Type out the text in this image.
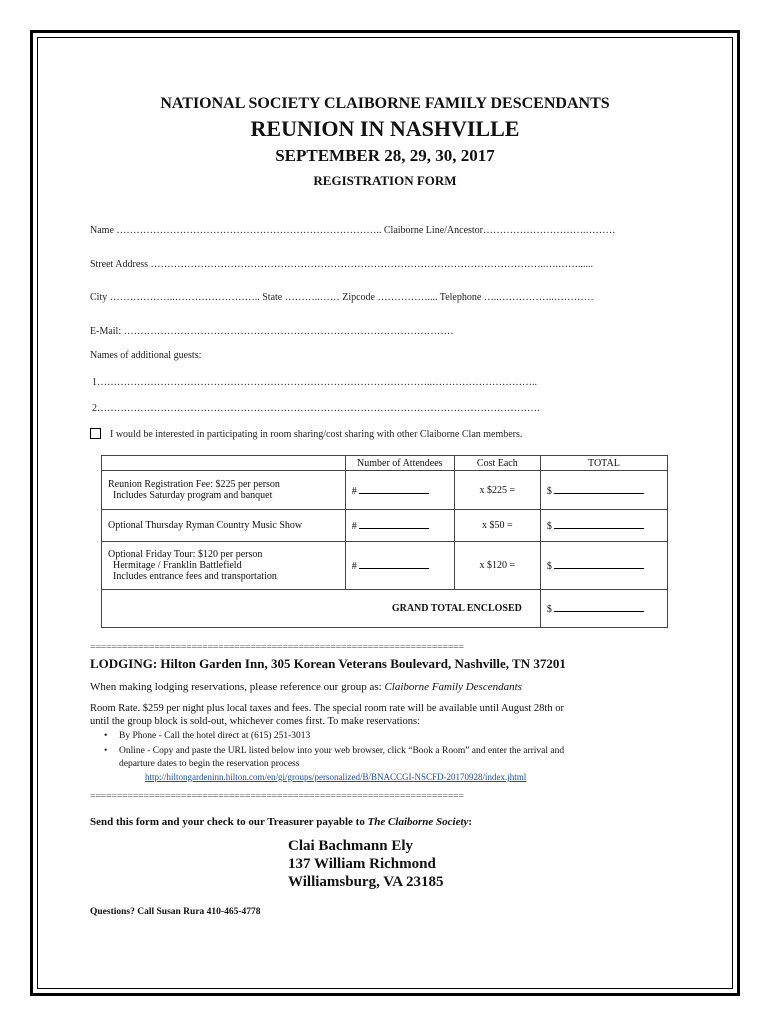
NATIONAL SOCIETY CLAIBORNE FAMILY DESCENDANTS
REUNION IN NASHVILLE
SEPTEMBER 28, 29, 30, 2017
REGISTRATION FORM
Name …………………………………………………………………….. Claiborne Line/Ancestor………………………….………
Street Address ………………………………………………………………………………………………………..….……......
City ………………..…………………….. State ………..…… Zipcode …………….... Telephone …..……………..…………
E-Mail: ………………………………………………………………………………………
Names of additional guests:
1………………………………………………………………………………………..…………………………..
2…………………………………………………………………………………………………………………….
I would be interested in participating in room sharing/cost sharing with other Claiborne Clan members.
	Number of Attendees	Cost Each	TOTAL

Reunion Registration Fee: $225 per person
Includes Saturday program and banquet	#	x $225 =	$

Optional Thursday Ryman Country Music Show	#	x $50 =	$

Optional Friday Tour: $120 per person
Hermitage / Franklin Battlefield
Includes entrance fees and transportation	#	x $120 =	$
GRAND TOTAL ENCLOSED			$
======================================================================
LODGING: Hilton Garden Inn, 305 Korean Veterans Boulevard, Nashville, TN 37201
When making lodging reservations, please reference our group as: Claiborne Family Descendants
Room Rate. $259 per night plus local taxes and fees. The special room rate will be available until August 28th or
until the group block is sold-out, whichever comes first. To make reservations:
• By Phone - Call the hotel direct at (615) 251-3013
• Online - Copy and paste the URL listed below into your web browser, click “Book a Room” and enter the arrival and
departure dates to begin the reservation process
http://hiltongardeninn.hilton.com/en/gi/groups/personalized/B/BNACCGI-NSCFD-20170928/index.jhtml
======================================================================
Send this form and your check to our Treasurer payable to The Claiborne Society:
Clai Bachmann Ely
137 William Richmond
Williamsburg, VA 23185
Questions? Call Susan Rura 410-465-4778
